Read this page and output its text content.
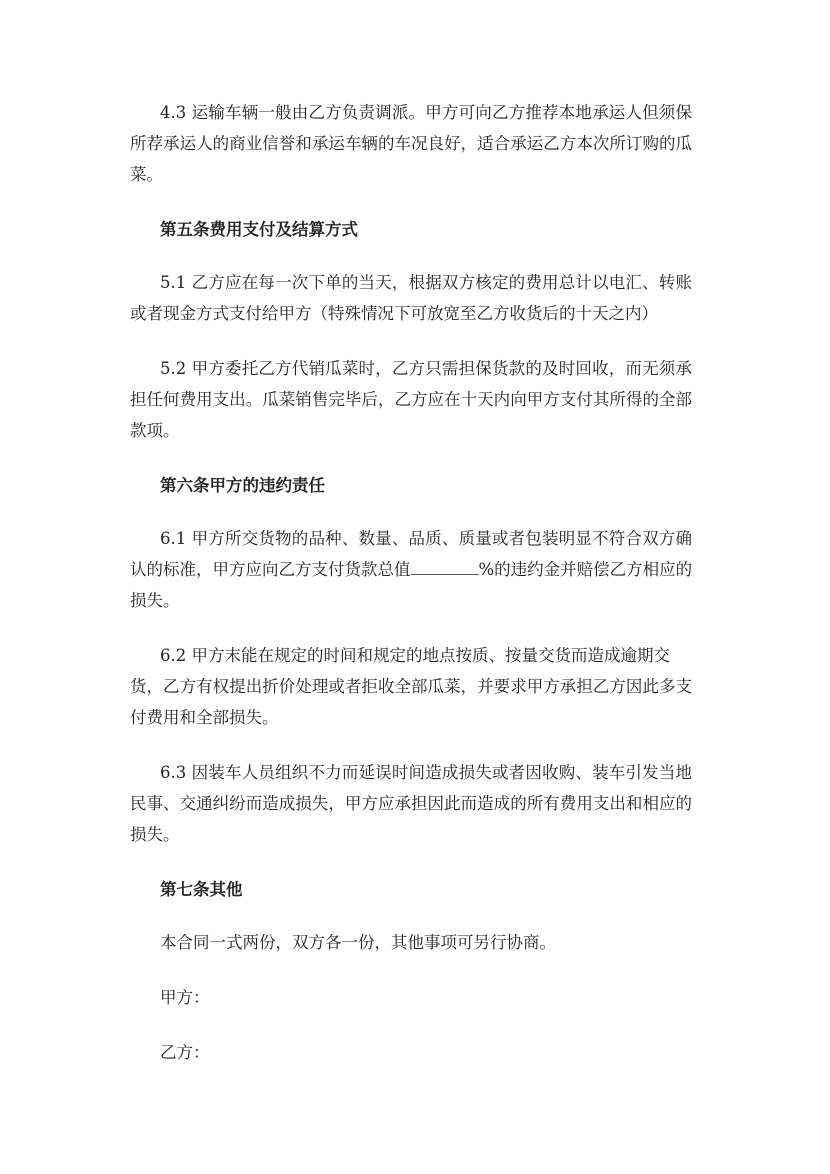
4.3 运输车辆一般由乙方负责调派。甲方可向乙方推荐本地承运人但须保
所荐承运人的商业信誉和承运车辆的车况良好，适合承运乙方本次所订购的瓜
菜。

第五条费用支付及结算方式

5.1 乙方应在每一次下单的当天，根据双方核定的费用总计以电汇、转账
或者现金方式支付给甲方（特殊情况下可放宽至乙方收货后的十天之内）

5.2 甲方委托乙方代销瓜菜时，乙方只需担保货款的及时回收，而无须承
担任何费用支出。瓜菜销售完毕后，乙方应在十天内向甲方支付其所得的全部
款项。

第六条甲方的违约责任

6.1 甲方所交货物的品种、数量、品质、质量或者包装明显不符合双方确
认的标准，甲方应向乙方支付货款总值	%的违约金并赔偿乙方相应的
损失。

6.2 甲方末能在规定的时间和规定的地点按质、按量交货而造成逾期交
货，乙方有权提出折价处理或者拒收全部瓜菜，并要求甲方承担乙方因此多支
付费用和全部损失。

6.3 因装车人员组织不力而延误时间造成损失或者因收购、装车引发当地
民事、交通纠纷而造成损失，甲方应承担因此而造成的所有费用支出和相应的
损失。

第七条其他

本合同一式两份，双方各一份，其他事项可另行协商。

甲方：

乙方：
